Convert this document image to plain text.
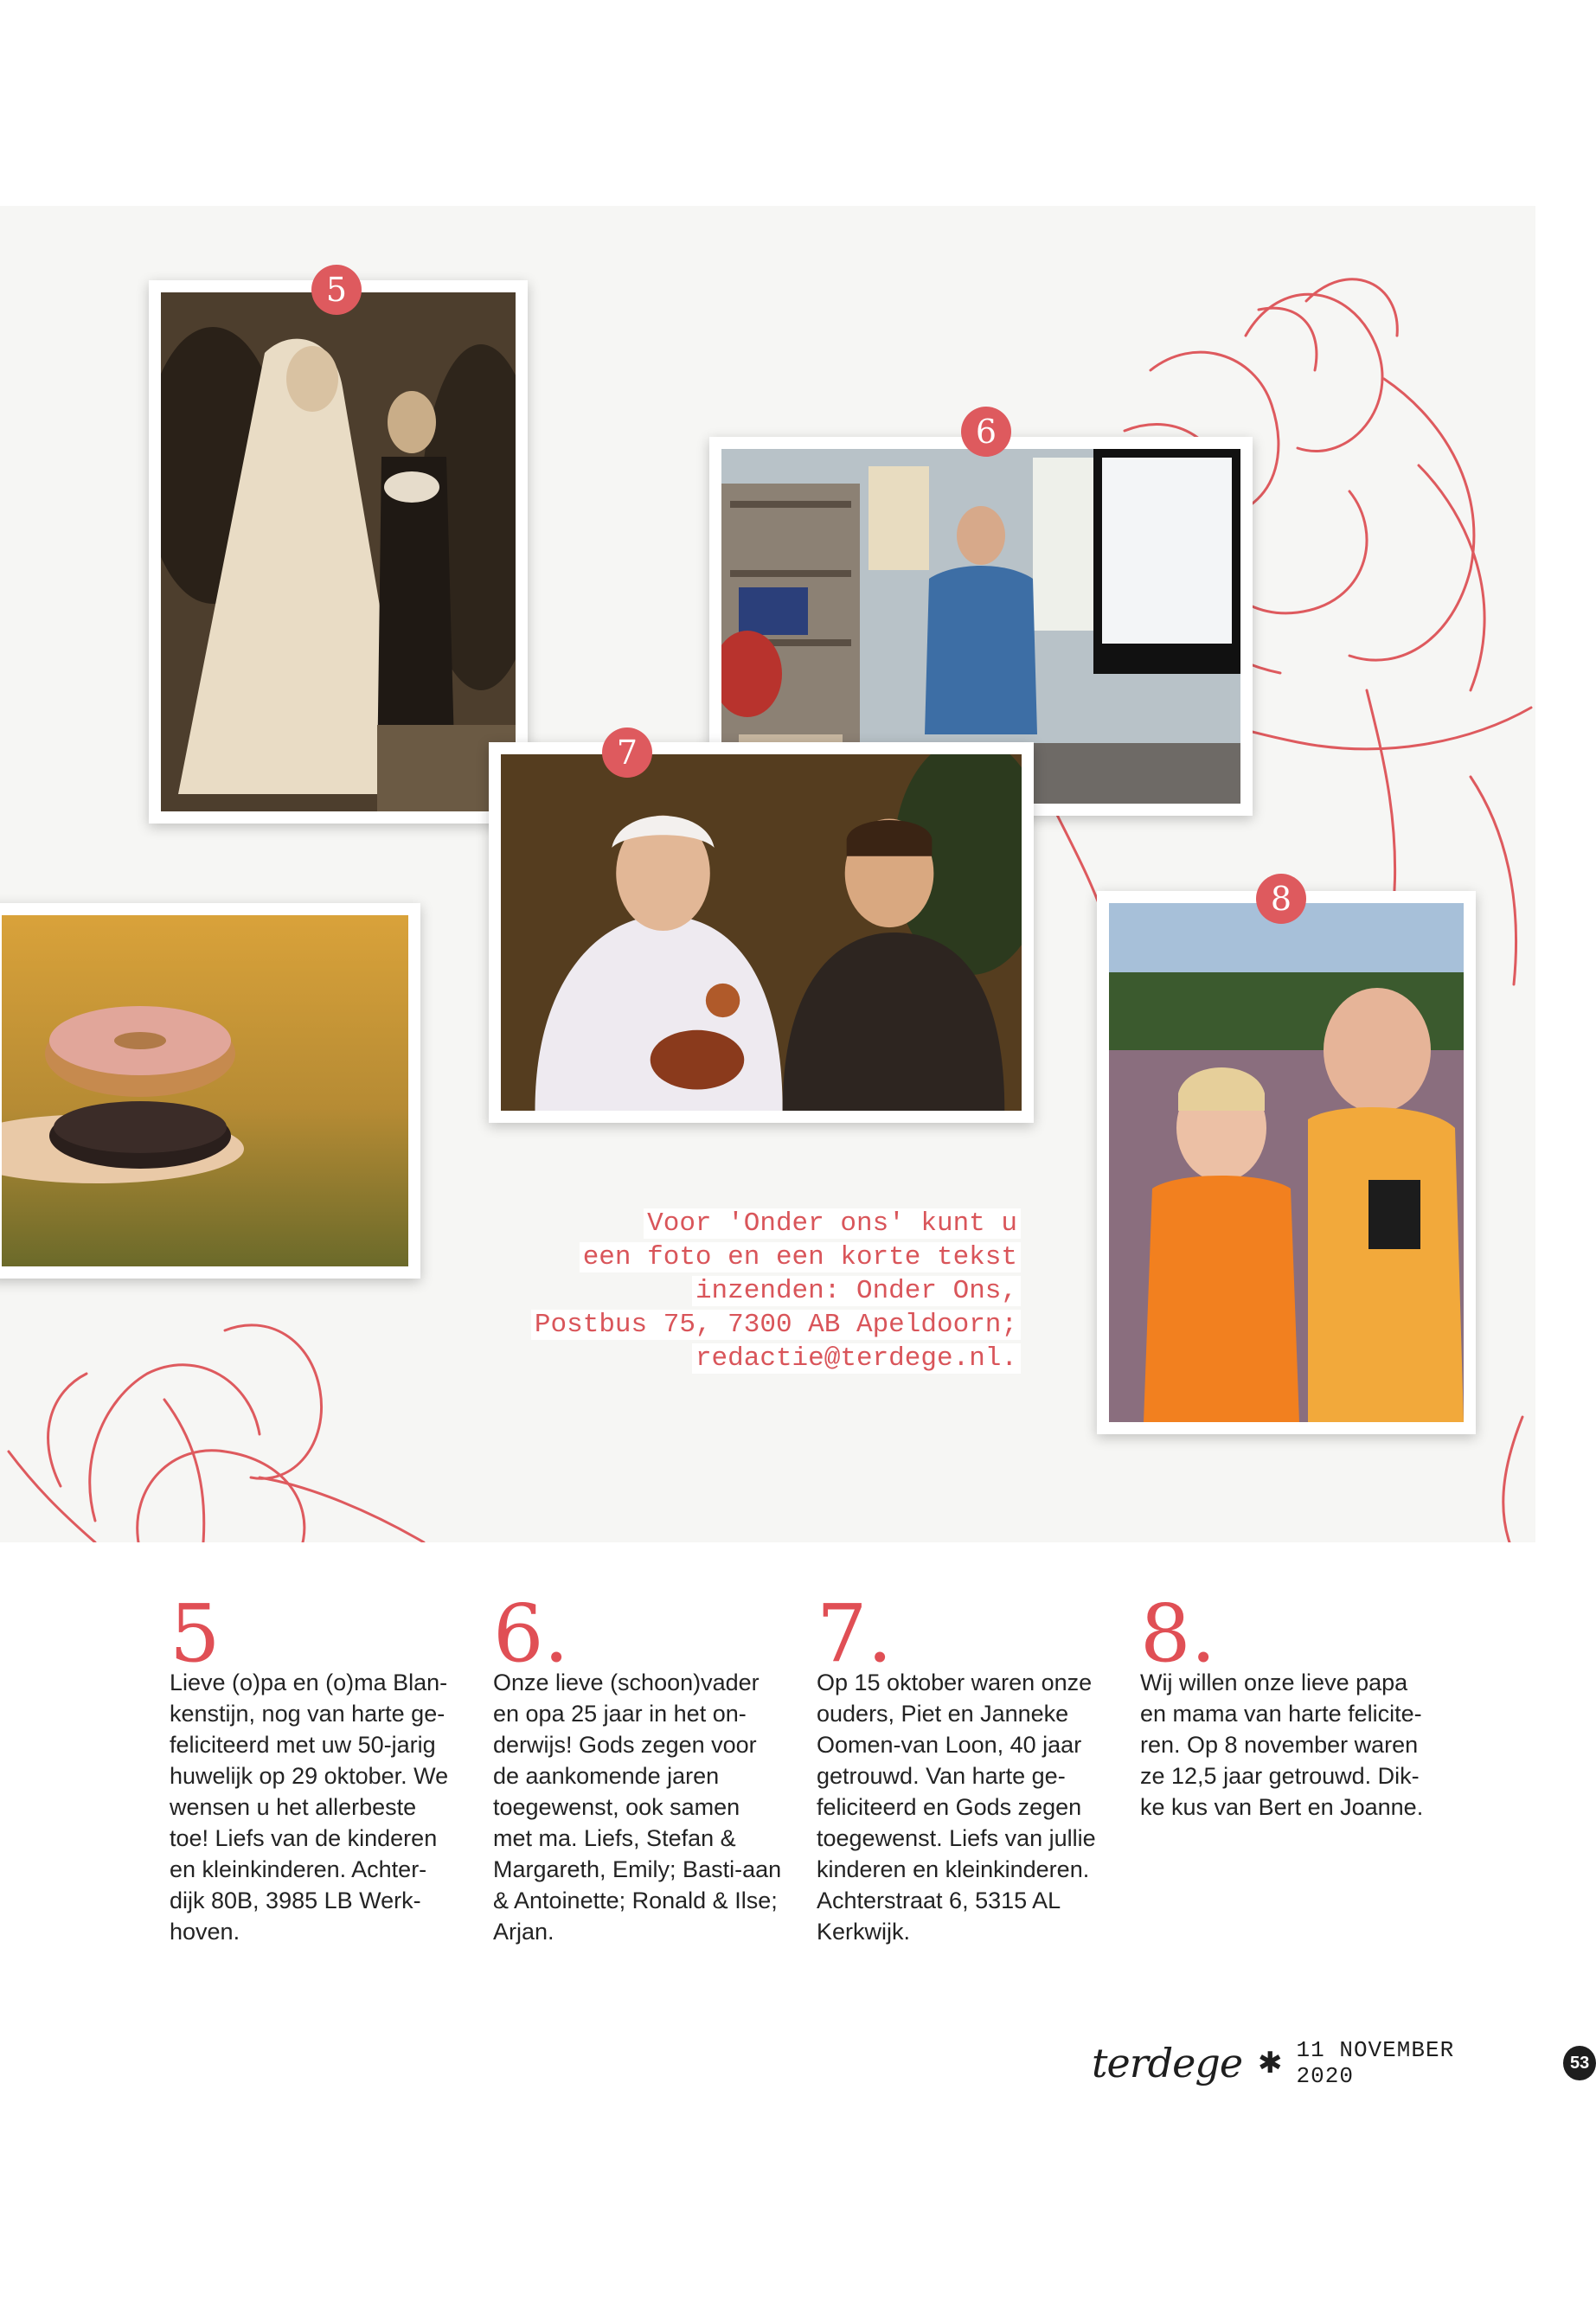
5
6
7
8
Voor 'Onder ons' kunt u
een foto en een korte tekst
inzenden: Onder Ons,
Postbus 75, 7300 AB Apeldoorn;
redactie@terdege.nl.
5
Lieve (o)pa en (o)ma Blan-kenstijn, nog van harte ge-feliciteerd met uw 50-jarig huwelijk op 29 oktober. We wensen u het allerbeste toe! Liefs van de kinderen en kleinkinderen. Achter-dijk 80B, 3985 LB Werk-hoven.
6.
Onze lieve (schoon)vader en opa 25 jaar in het on-derwijs! Gods zegen voor de aankomende jaren toegewenst, ook samen met ma. Liefs, Stefan & Margareth, Emily; Basti-aan & Antoinette; Ronald & Ilse; Arjan.
7.
Op 15 oktober waren onze ouders, Piet en Janneke Oomen-van Loon, 40 jaar getrouwd. Van harte ge-feliciteerd en Gods zegen toegewenst. Liefs van jullie kinderen en kleinkinderen. Achterstraat 6, 5315 AL Kerkwijk.
8.
Wij willen onze lieve papa en mama van harte felicite-ren. Op 8 november waren ze 12,5 jaar getrouwd. Dik-ke kus van Bert en Joanne.
terdege ✱ 11 NOVEMBER 2020	53
